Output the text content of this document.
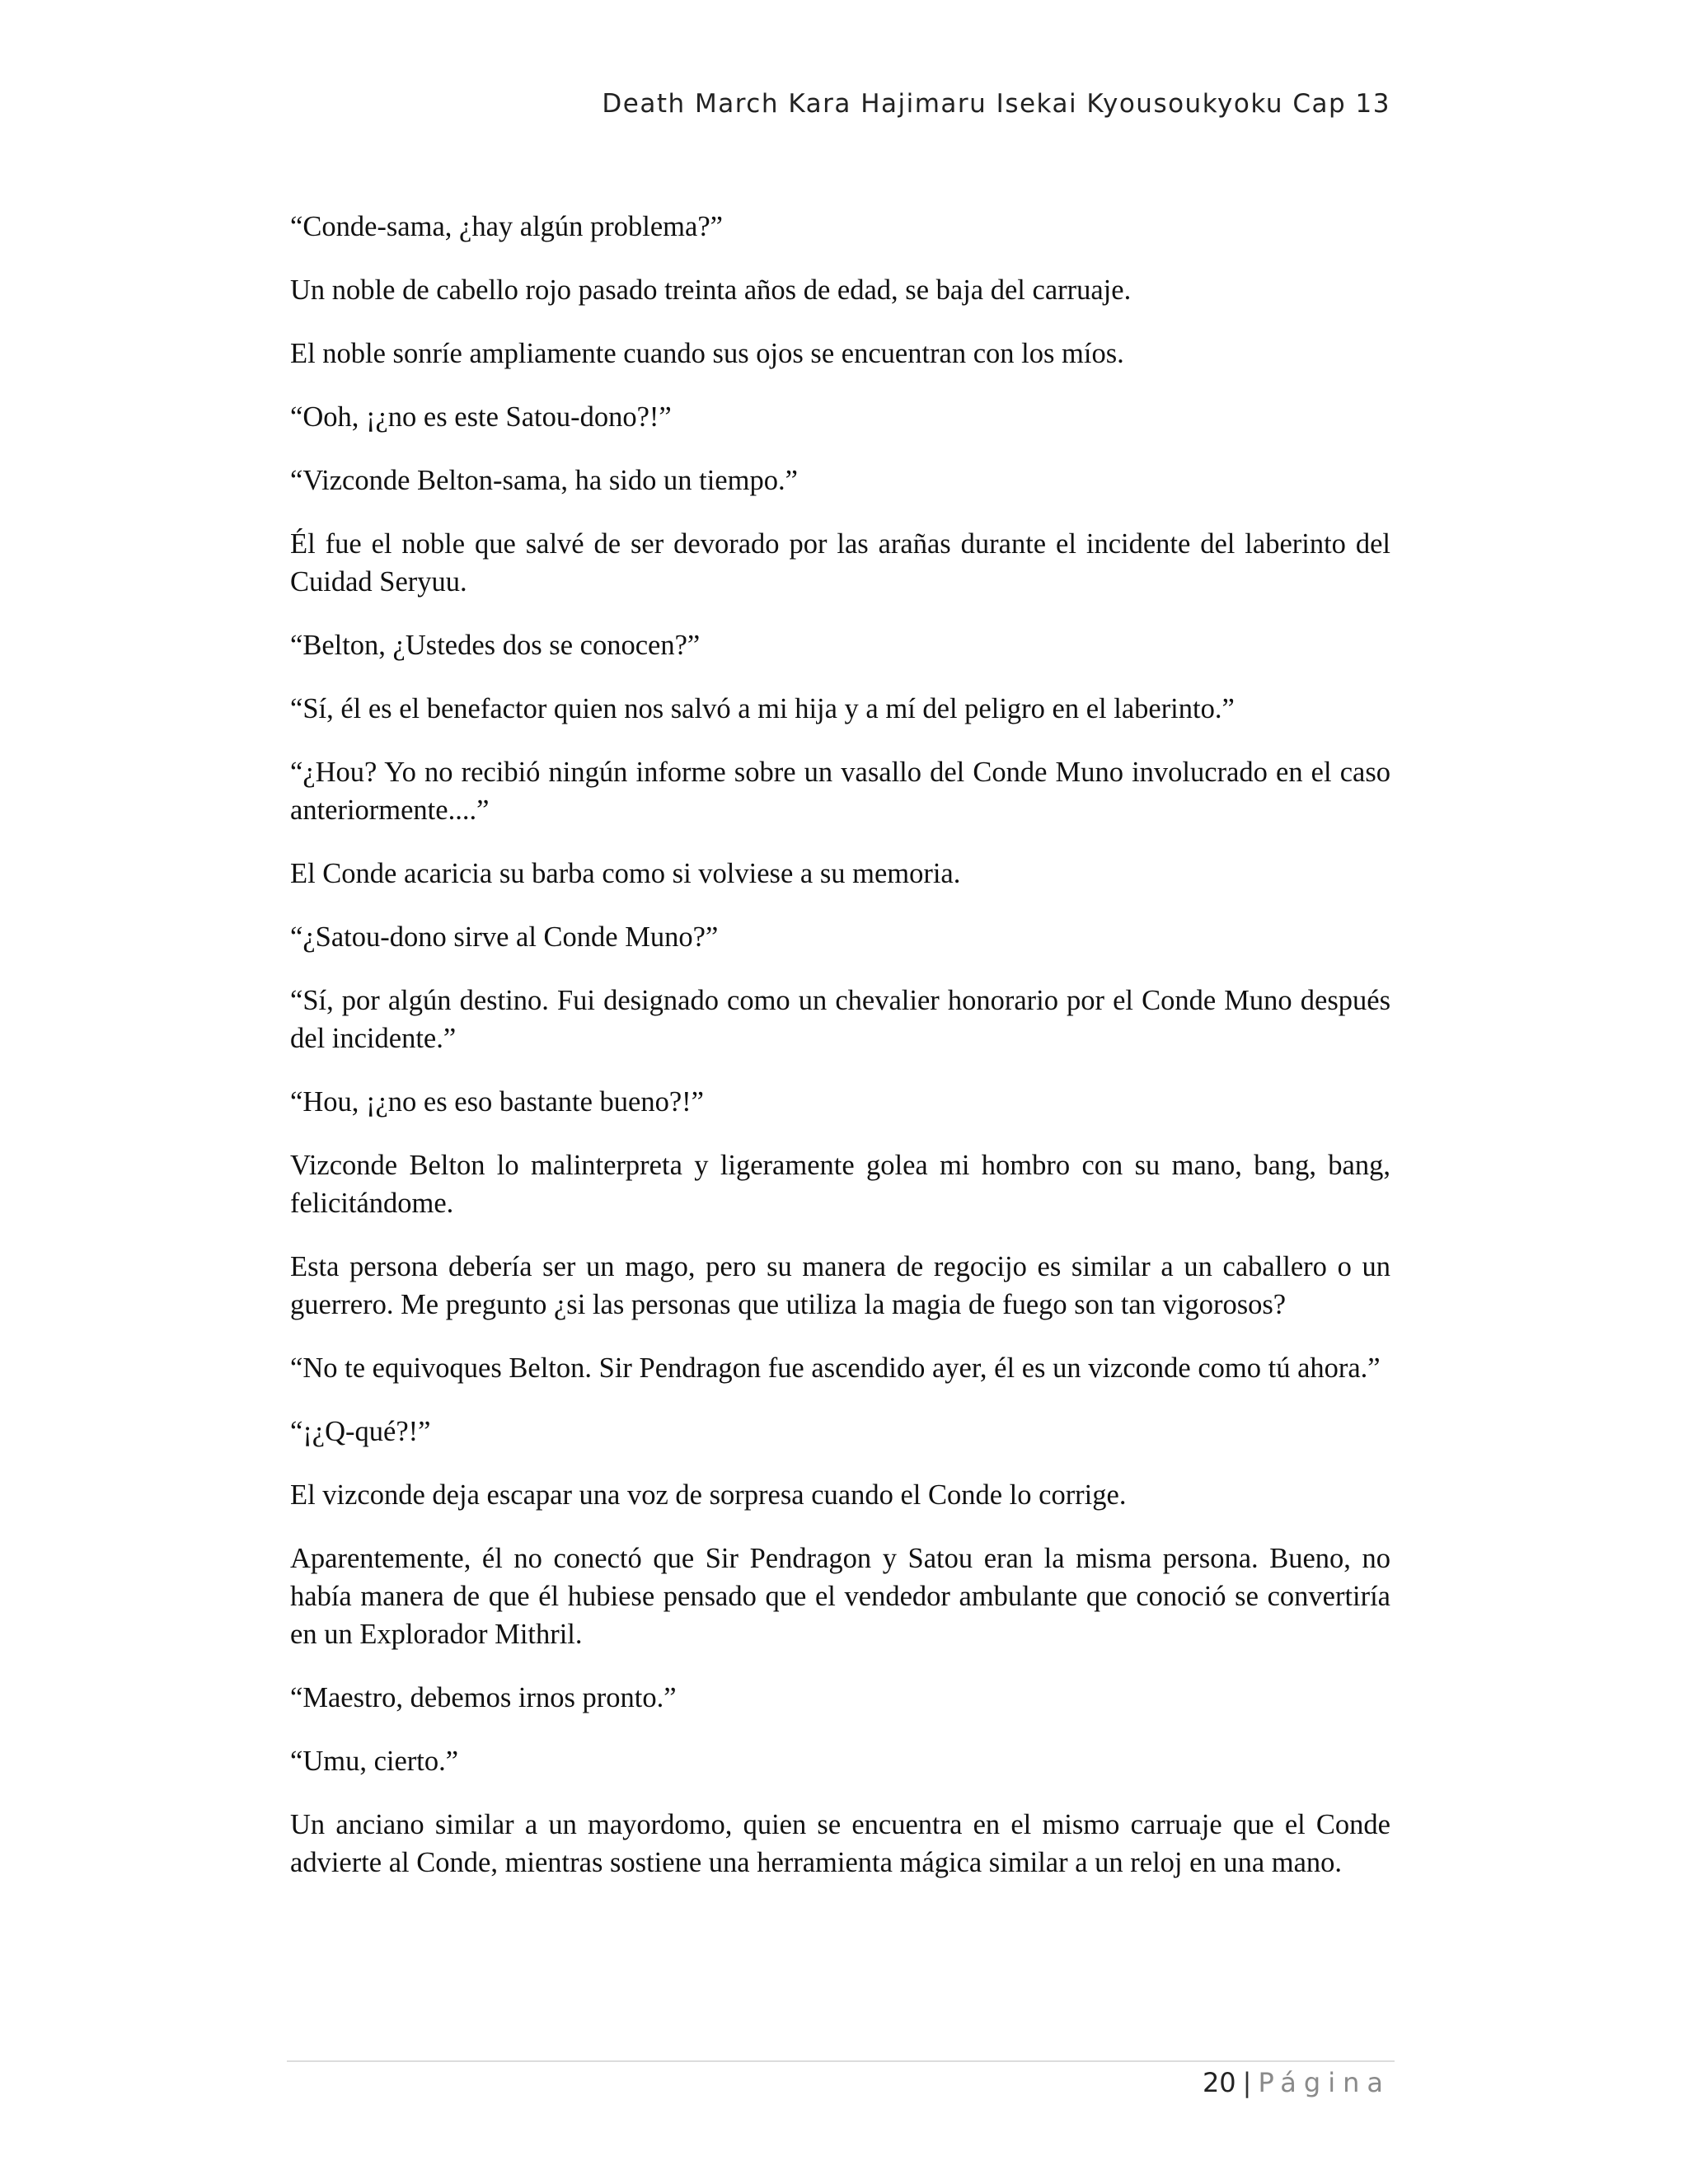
Death March Kara Hajimaru Isekai Kyousoukyoku Cap 13

“Conde-sama, ¿hay algún problema?”

Un noble de cabello rojo pasado treinta años de edad, se baja del carruaje.

El noble sonríe ampliamente cuando sus ojos se encuentran con los míos.

“Ooh, ¡¿no es este Satou-dono?!”

“Vizconde Belton-sama, ha sido un tiempo.”

Él fue el noble que salvé de ser devorado por las arañas durante el incidente del laberinto del Cuidad Seryuu.

“Belton, ¿Ustedes dos se conocen?”

“Sí, él es el benefactor quien nos salvó a mi hija y a mí del peligro en el laberinto.”

“¿Hou? Yo no recibió ningún informe sobre un vasallo del Conde Muno involucrado en el caso anteriormente....”

El Conde acaricia su barba como si volviese a su memoria.

“¿Satou-dono sirve al Conde Muno?”

“Sí, por algún destino. Fui designado como un chevalier honorario por el Conde Muno después del incidente.”

“Hou, ¡¿no es eso bastante bueno?!”

Vizconde Belton lo malinterpreta y ligeramente golea mi hombro con su mano, bang, bang, felicitándome.

Esta persona debería ser un mago, pero su manera de regocijo es similar a un caballero o un guerrero. Me pregunto ¿si las personas que utiliza la magia de fuego son tan vigorosos?

“No te equivoques Belton. Sir Pendragon fue ascendido ayer, él es un vizconde como tú ahora.”

“¡¿Q-qué?!”

El vizconde deja escapar una voz de sorpresa cuando el Conde lo corrige.

Aparentemente, él no conectó que Sir Pendragon y Satou eran la misma persona. Bueno, no había manera de que él hubiese pensado que el vendedor ambulante que conoció se convertiría en un Explorador Mithril.

“Maestro, debemos irnos pronto.”

“Umu, cierto.”

Un anciano similar a un mayordomo, quien se encuentra en el mismo carruaje que el Conde advierte al Conde, mientras sostiene una herramienta mágica similar a un reloj en una mano.

20 | Página
